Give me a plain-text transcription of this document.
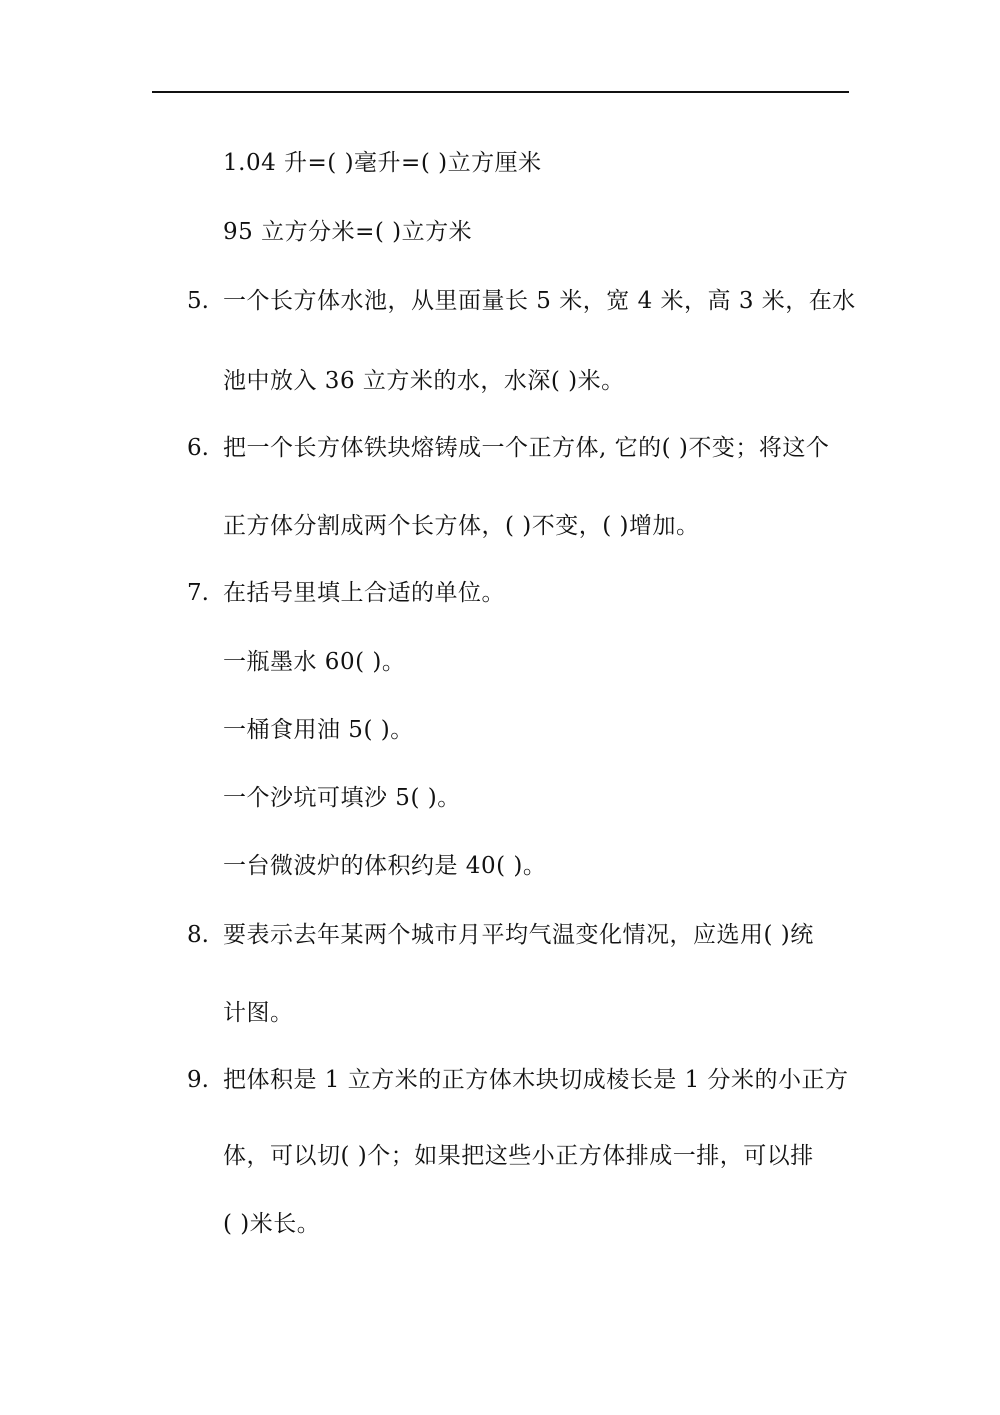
1.04 升=( )毫升=( )立方厘米
95 立方分米=( )立方米
5. 一个长方体水池，从里面量长 5 米，宽 4 米，高 3 米，在水
池中放入 36 立方米的水，水深( )米。
6. 把一个长方体铁块熔铸成一个正方体, 它的( )不变；将这个
正方体分割成两个长方体，( )不变，( )增加。
7. 在括号里填上合适的单位。
一瓶墨水 60( )。
一桶食用油 5( )。
一个沙坑可填沙 5( )。
一台微波炉的体积约是 40( )。
8. 要表示去年某两个城市月平均气温变化情况，应选用( )统
计图。
9. 把体积是 1 立方米的正方体木块切成棱长是 1 分米的小正方
体，可以切( )个；如果把这些小正方体排成一排，可以排
( )米长。
